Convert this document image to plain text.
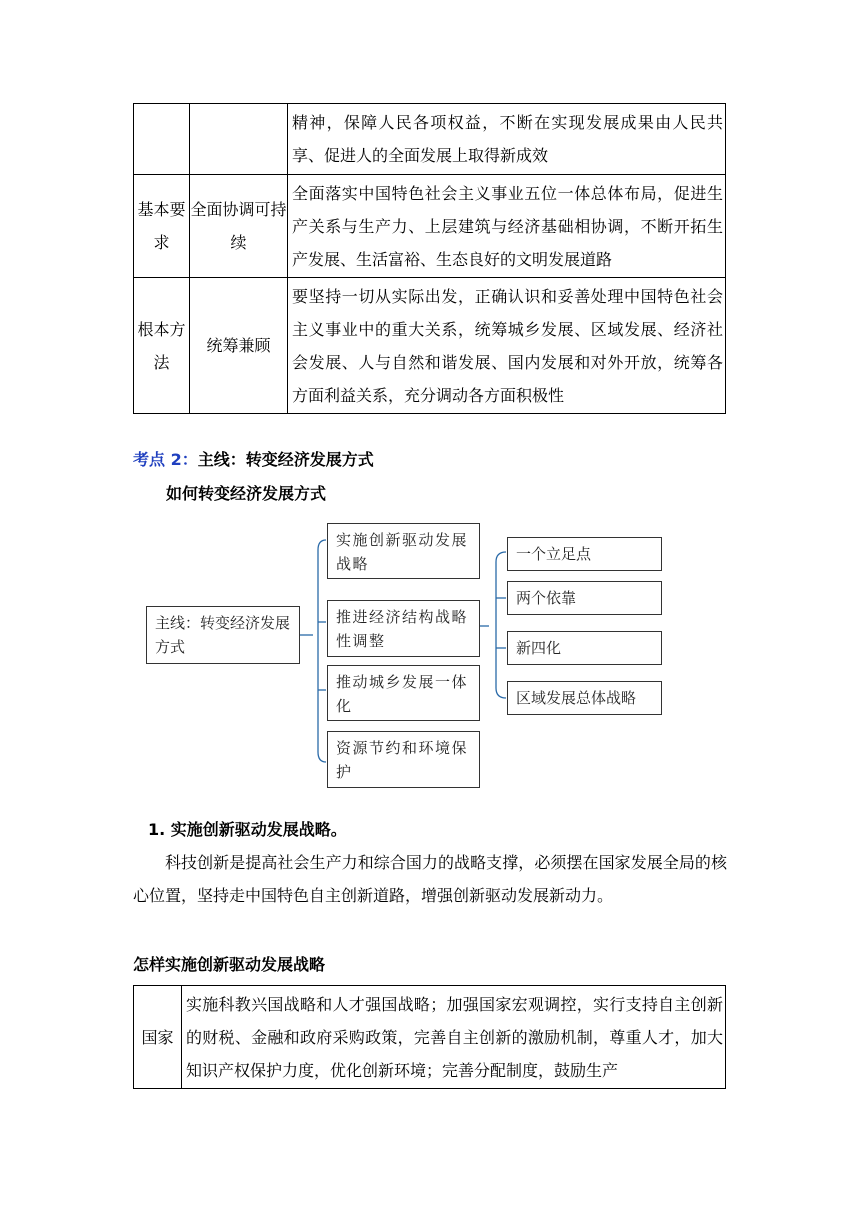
		精神，保障人民各项权益，不断在实现发展成果由人民共享、促进人的全面发展上取得新成效
基本要求	全面协调可持续	全面落实中国特色社会主义事业五位一体总体布局，促进生产关系与生产力、上层建筑与经济基础相协调，不断开拓生产发展、生活富裕、生态良好的文明发展道路
根本方法	统筹兼顾	要坚持一切从实际出发，正确认识和妥善处理中国特色社会主义事业中的重大关系，统筹城乡发展、区域发展、经济社会发展、人与自然和谐发展、国内发展和对外开放，统筹各方面利益关系，充分调动各方面积极性
考点 2：主线：转变经济发展方式
如何转变经济发展方式
主线：转变经济发展方式
实施创新驱动发展战略
推进经济结构战略性调整
推动城乡发展一体化
资源节约和环境保护
一个立足点
两个依靠
新四化
区域发展总体战略
1. 实施创新驱动发展战略。
科技创新是提高社会生产力和综合国力的战略支撑，必须摆在国家发展全局的核心位置，坚持走中国特色自主创新道路，增强创新驱动发展新动力。
怎样实施创新驱动发展战略
国家	实施科教兴国战略和人才强国战略；加强国家宏观调控，实行支持自主创新的财税、金融和政府采购政策，完善自主创新的激励机制，尊重人才，加大知识产权保护力度，优化创新环境；完善分配制度，鼓励生产
